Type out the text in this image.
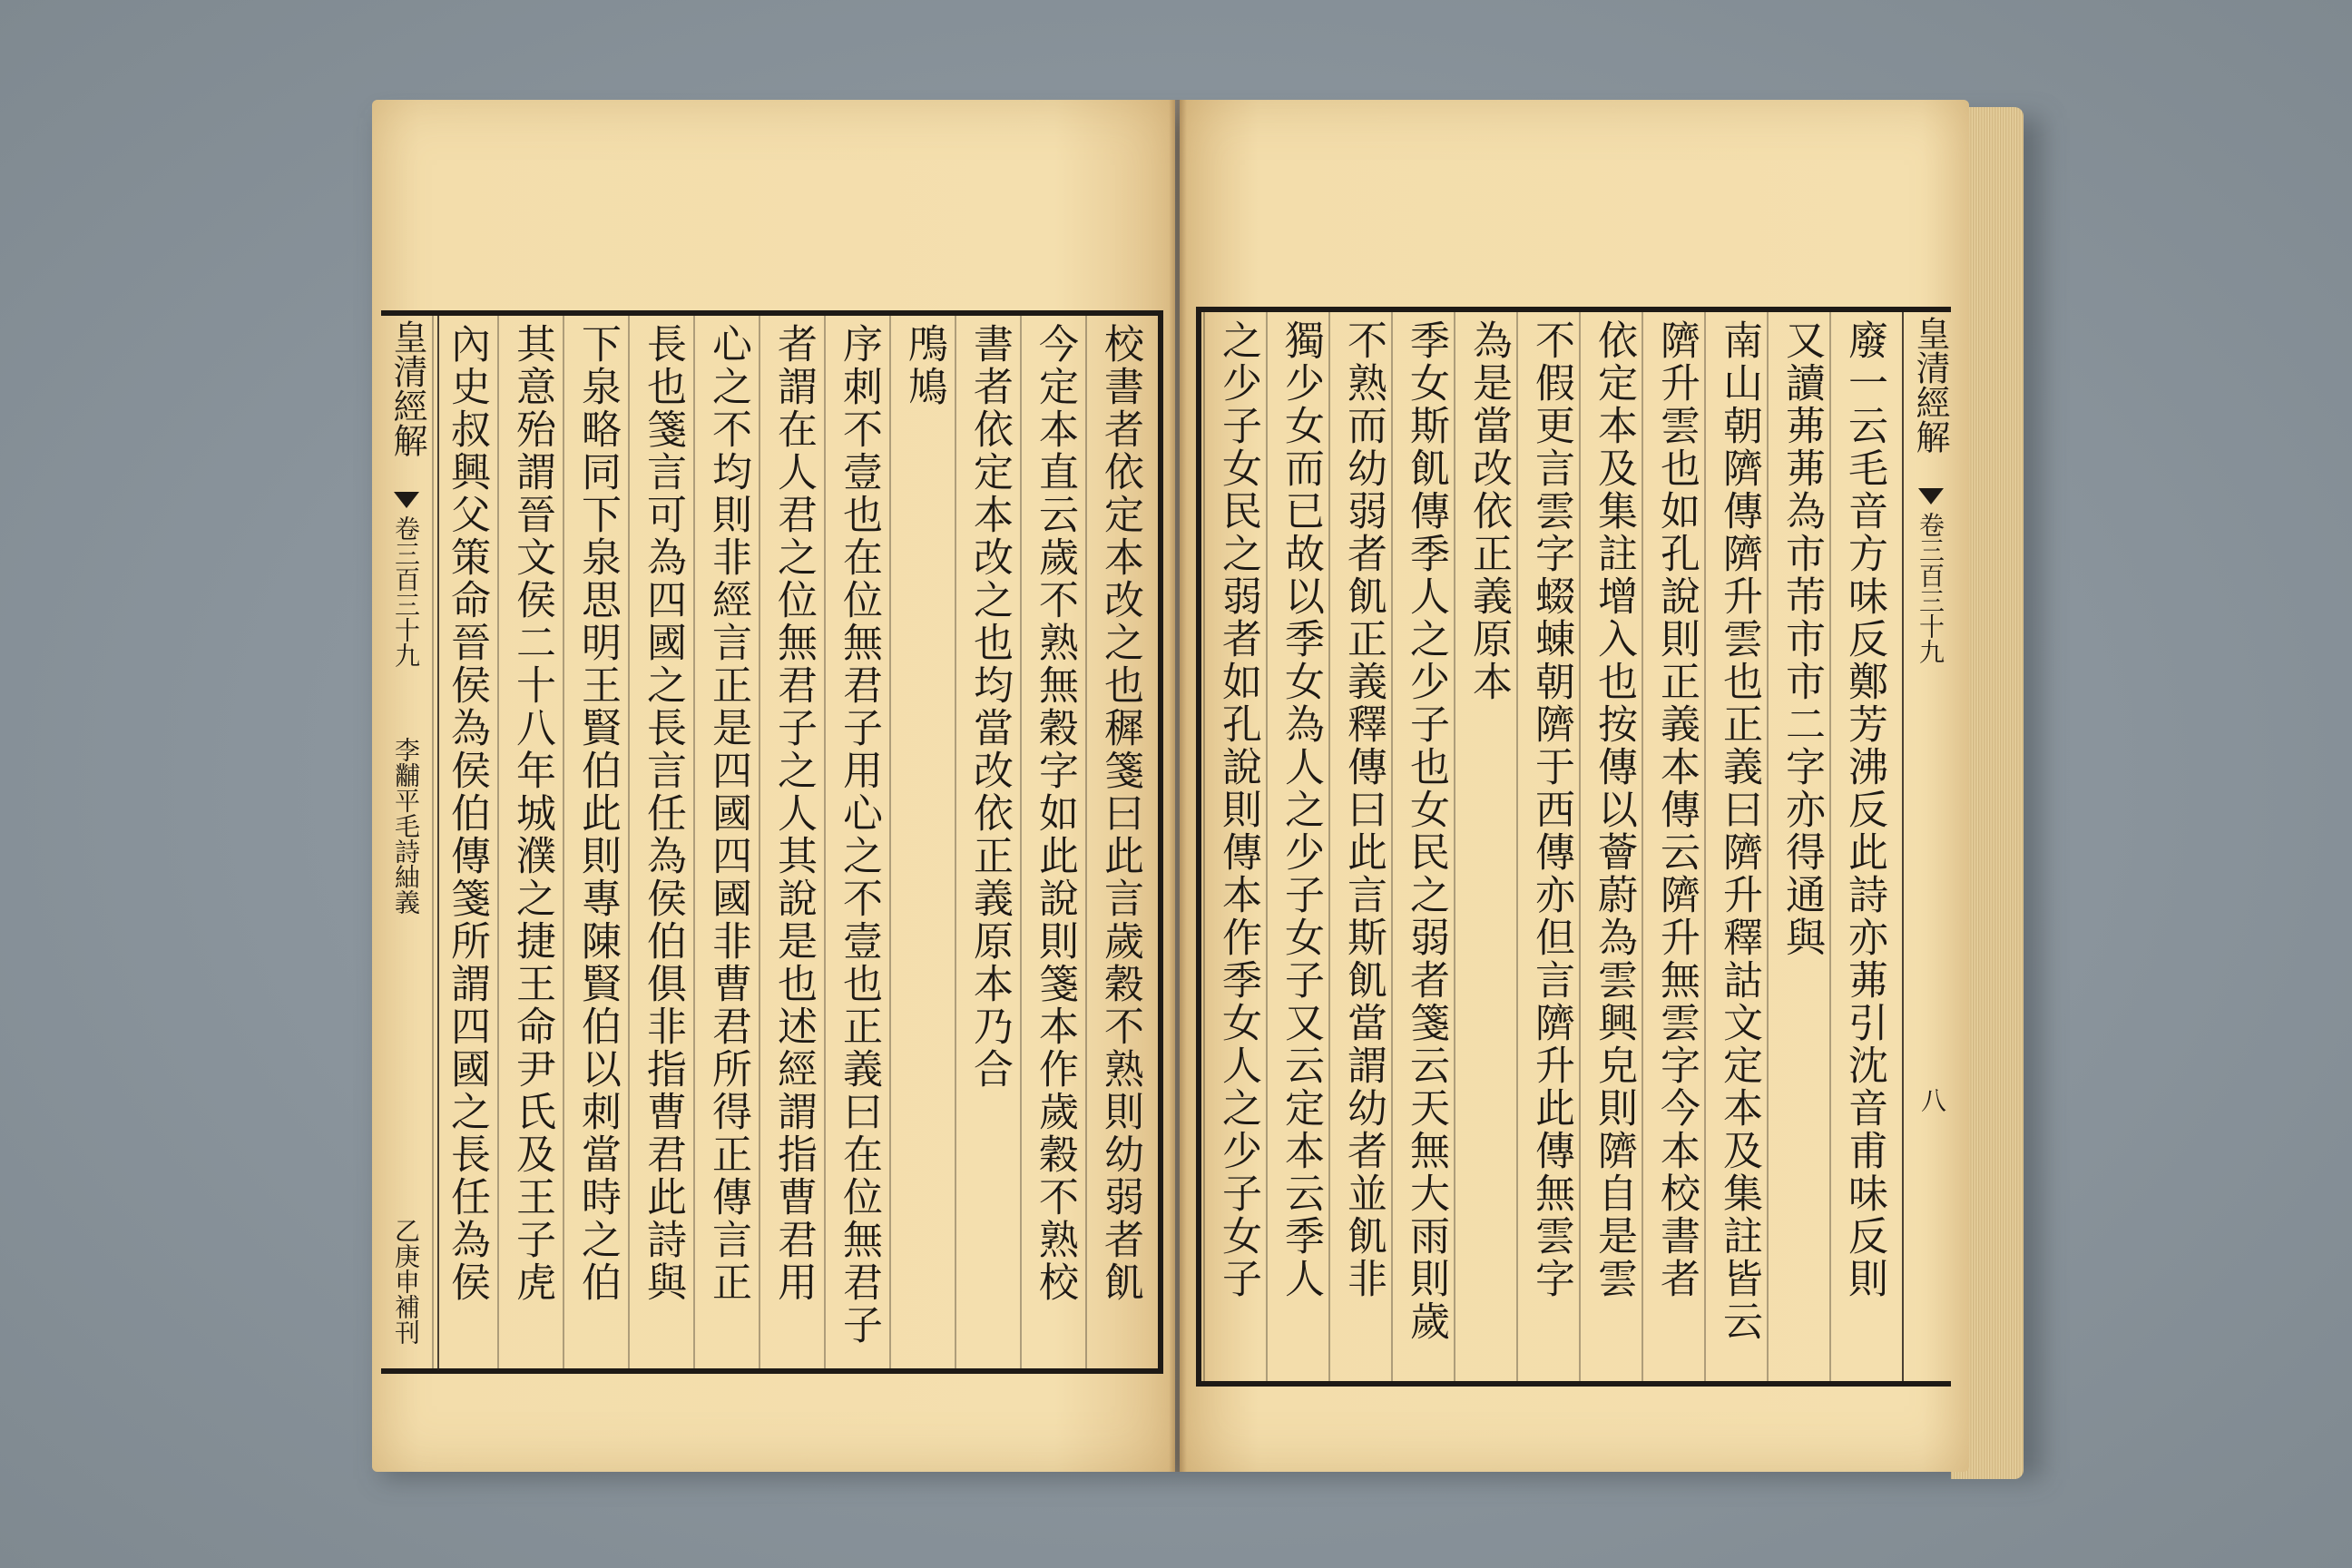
皇清經解
卷三百三十九
李黼平毛詩紬義
乙庚申補刊	校書者依定本改之也穉箋曰此言歲穀不熟則幼弱者飢
今定本直云歲不熟無穀字如此說則箋本作歲穀不熟校
書者依定本改之也均當改依正義原本乃合
鳲鳩
序刺不壹也在位無君子用心之不壹也正義曰在位無君子
者謂在人君之位無君子之人其說是也述經謂指曹君用
心之不均則非經言正是四國四國非曹君所得正傳言正
長也箋言可為四國之長言任為侯伯俱非指曹君此詩與
下泉略同下泉思明王賢伯此則專陳賢伯以刺當時之伯
其意殆謂晉文侯二十八年城濮之捷王命尹氏及王子虎
內史叔興父策命晉侯為侯伯傳箋所謂四國之長任為侯	皇清經解
卷三百三十九
八
廢一云毛音方味反鄭芳沸反此詩亦茀引沈音甫味反則
又讀茀茀為市芾市市二字亦得通與
南山朝隮傳隮升雲也正義曰隮升釋詁文定本及集註皆云
隮升雲也如孔說則正義本傳云隮升無雲字今本校書者
依定本及集註增入也按傳以薈蔚為雲興皃則隮自是雲
不假更言雲字蝃蝀朝隮于西傳亦但言隮升此傳無雲字
為是當改依正義原本
季女斯飢傳季人之少子也女民之弱者箋云天無大雨則歲
不熟而幼弱者飢正義釋傳曰此言斯飢當謂幼者並飢非
獨少女而已故以季女為人之少子女子又云定本云季人
之少子女民之弱者如孔說則傳本作季女人之少子女子
